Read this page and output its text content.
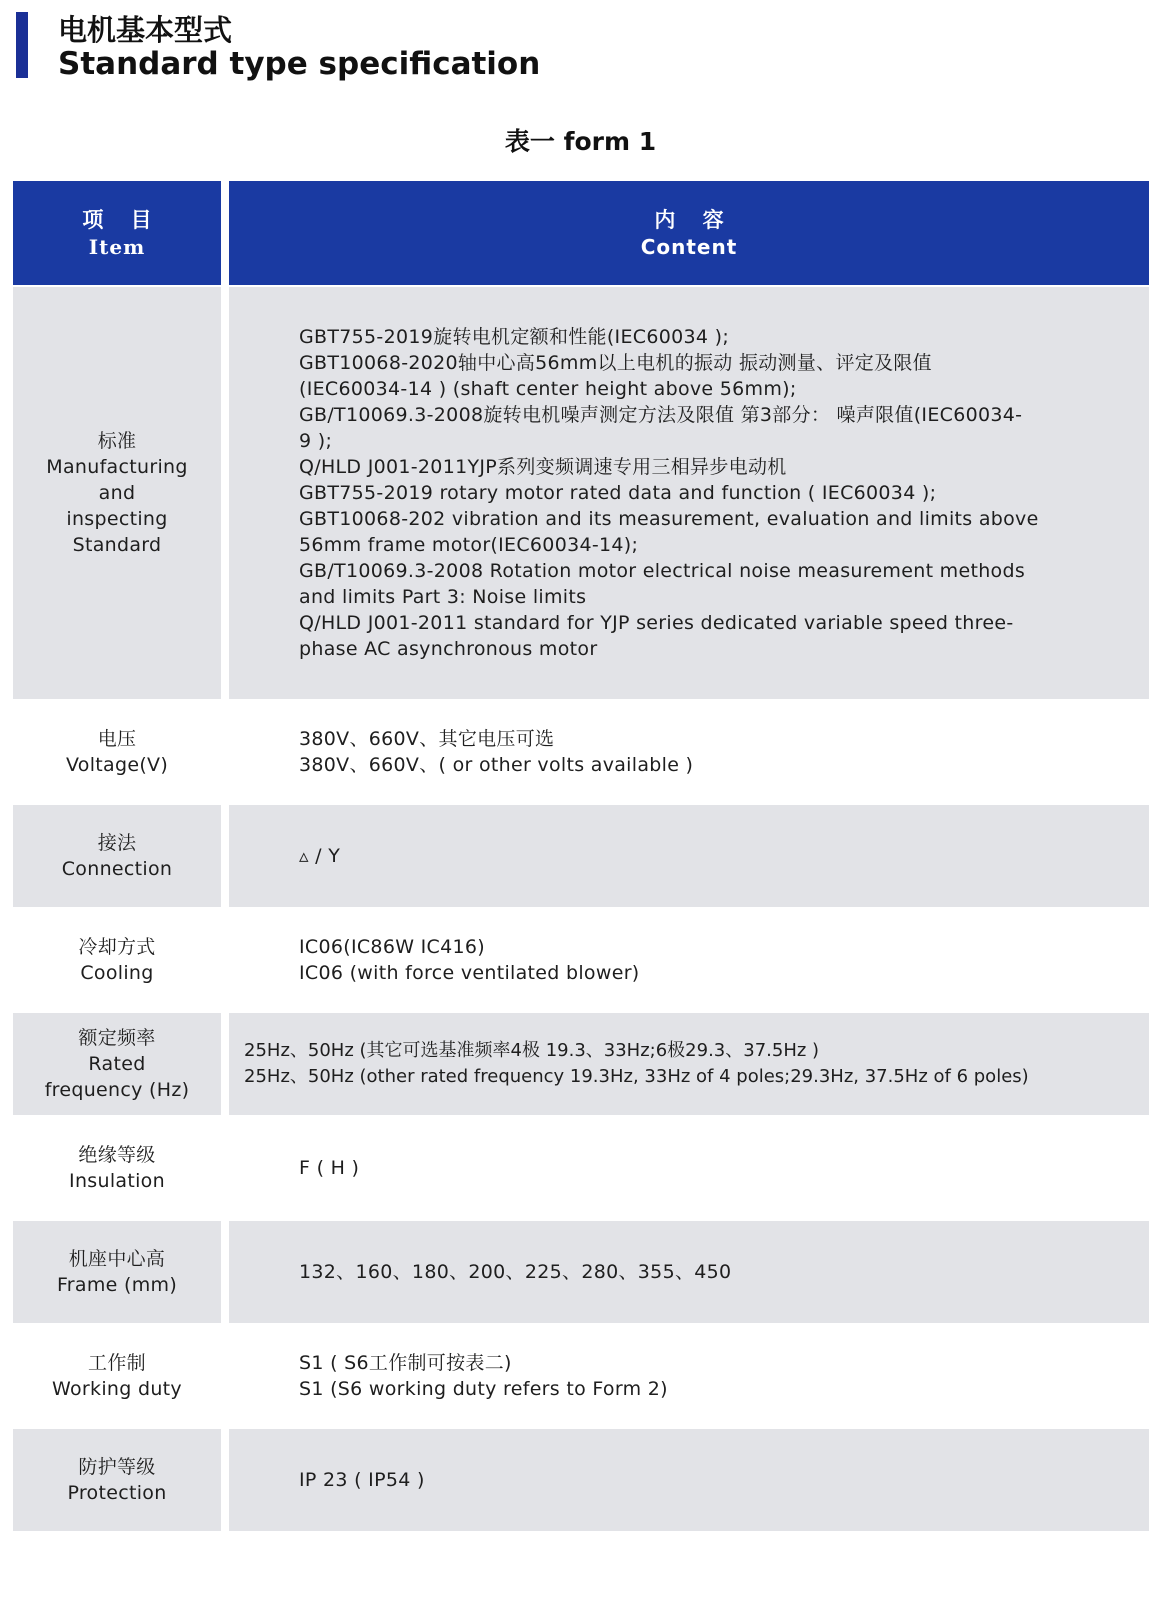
电机基本型式
Standard type specification
表一 form 1
项 目
Item
内 容
Content
标准
Manufacturing
and
inspecting
Standard
GBT755-2019旋转电机定额和性能(IEC60034 );
GBT10068-2020轴中心高56mm以上电机的振动 振动测量、评定及限值
(IEC60034-14 ) (shaft center height above 56mm);
GB/T10069.3-2008旋转电机噪声测定方法及限值 第3部分： 噪声限值(IEC60034-
9 );
Q/HLD J001-2011YJP系列变频调速专用三相异步电动机
GBT755-2019 rotary motor rated data and function ( IEC60034 );
GBT10068-202 vibration and its measurement, evaluation and limits above
56mm frame motor(IEC60034-14);
GB/T10069.3-2008 Rotation motor electrical noise measurement methods
and limits Part 3: Noise limits
Q/HLD J001-2011 standard for YJP series dedicated variable speed three-
phase AC asynchronous motor
电压
Voltage(V)
380V、660V、其它电压可选
380V、660V、( or other volts available )
接法
Connection
▵ / Y
冷却方式
Cooling
IC06(IC86W IC416)
IC06 (with force ventilated blower)
额定频率
Rated
frequency (Hz)
25Hz、50Hz (其它可选基准频率4极 19.3、33Hz;6极29.3、37.5Hz )
25Hz、50Hz (other rated frequency 19.3Hz, 33Hz of 4 poles;29.3Hz, 37.5Hz of 6 poles)
绝缘等级
Insulation
F ( H )
机座中心高
Frame (mm)
132、160、180、200、225、280、355、450
工作制
Working duty
S1 ( S6工作制可按表二)
S1 (S6 working duty refers to Form 2)
防护等级
Protection
IP 23 ( IP54 )
